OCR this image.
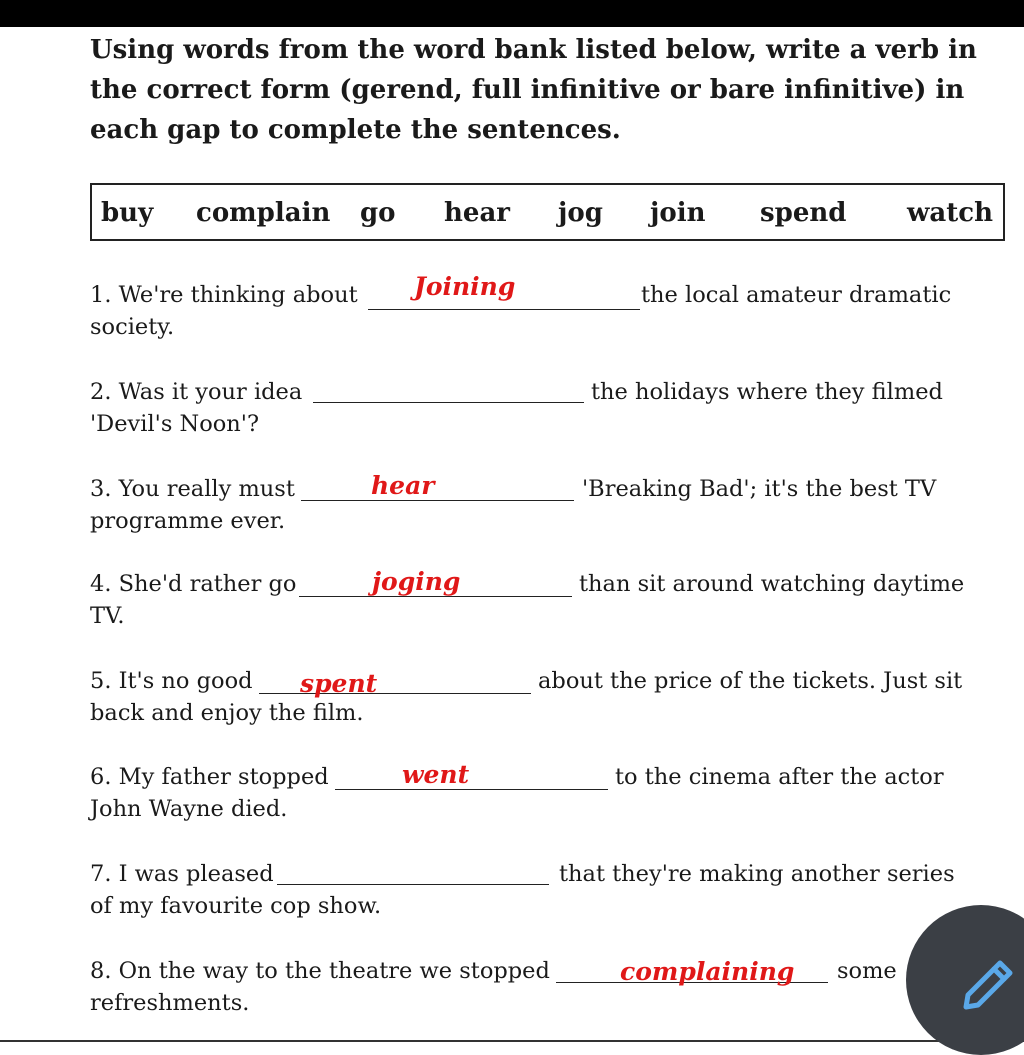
Using words from the word bank listed below, write a verb in the correct form (gerend, full infinitive or bare infinitive) in each gap to complete the sentences.
buy complain go hear jog join spend watch
1. We're thinking about
society.
Joining	the local amateur dramatic
2. Was it your idea
'Devil's Noon'?
the holidays where they filmed
3. You really must
programme ever.
hear	'Breaking Bad'; it's the best TV
4. She'd rather go
TV.
joging	than sit around watching daytime
5. It's no good
back and enjoy the film.
spent	about the price of the tickets. Just sit
6. My father stopped
John Wayne died.
went	to the cinema after the actor
7. I was pleased
of my favourite cop show.
that they're making another series
8. On the way to the theatre we stopped
refreshments.
complaining some
